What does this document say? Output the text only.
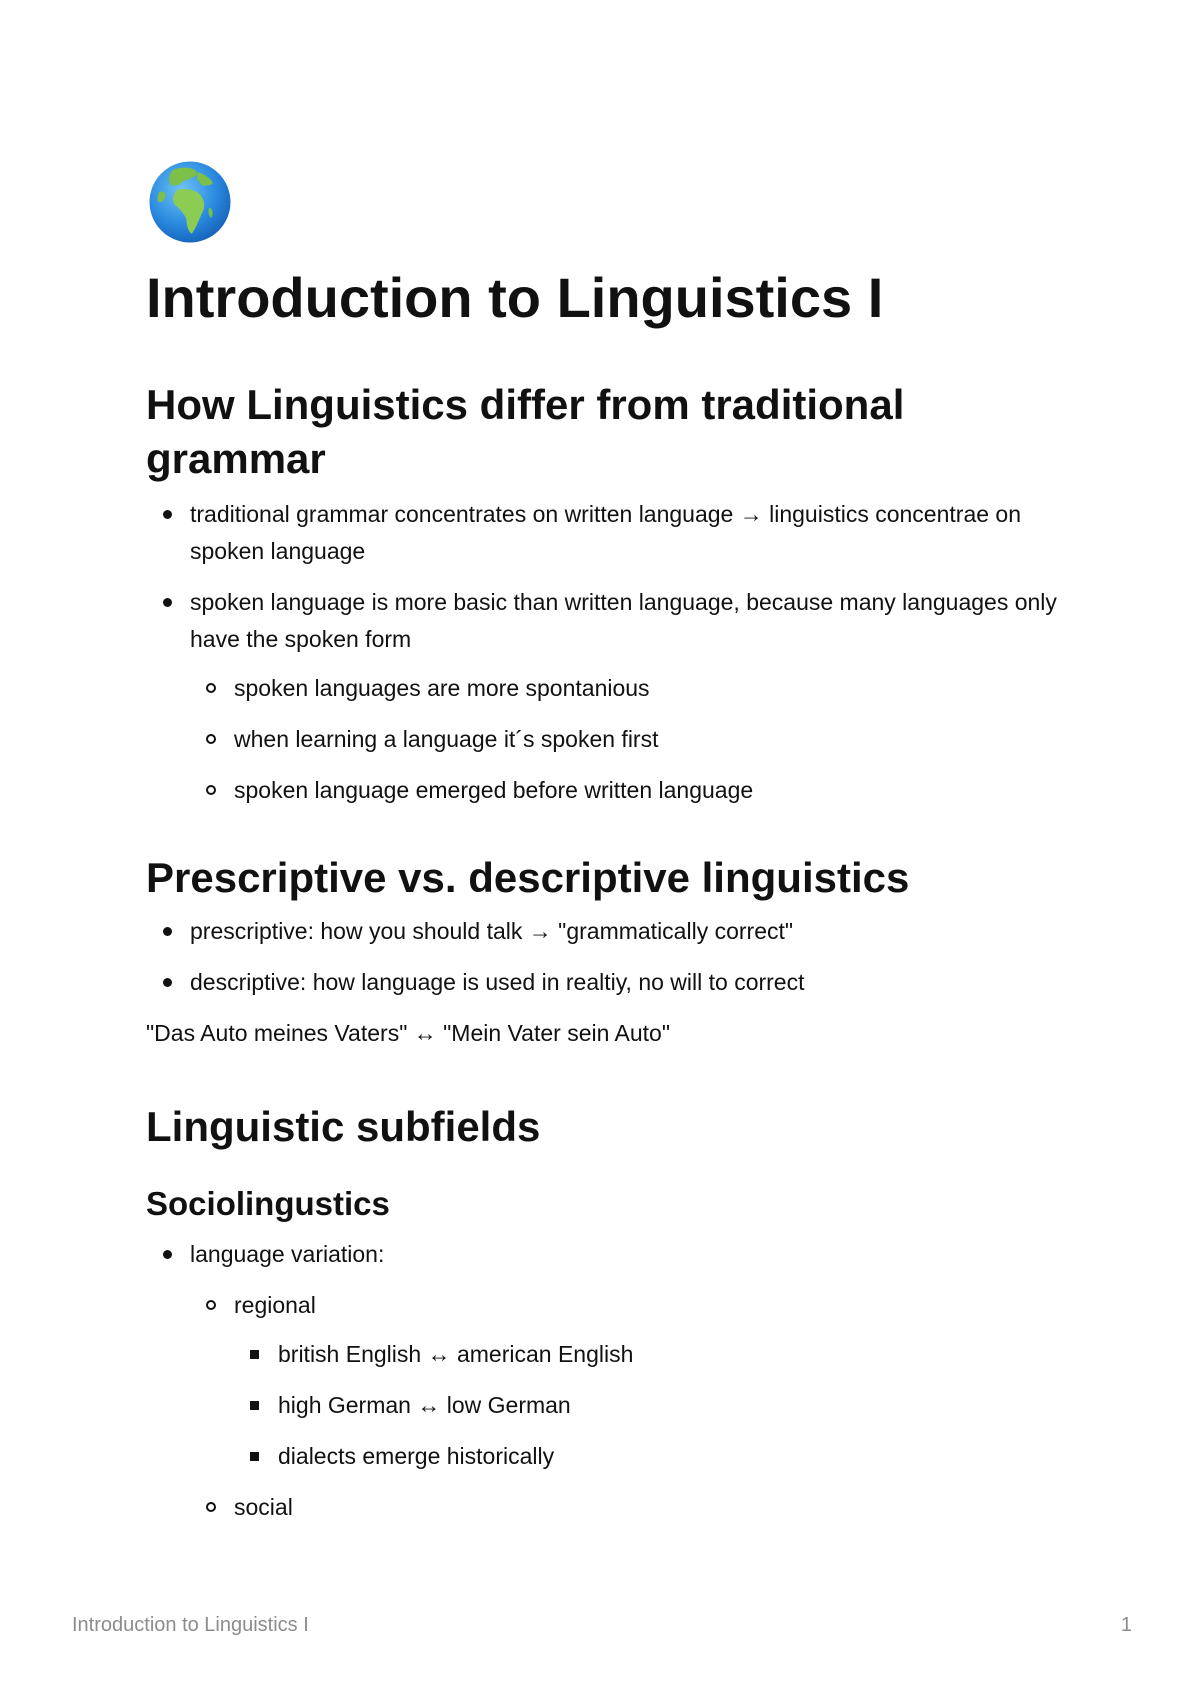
Introduction to Linguistics I
How Linguistics differ from traditional grammar
traditional grammar concentrates on written language → linguistics concentrae on spoken language
spoken language is more basic than written language, because many languages only have the spoken form
spoken languages are more spontanious
when learning a language it´s spoken first
spoken language emerged before written language
Prescriptive vs. descriptive linguistics
prescriptive: how you should talk → "grammatically correct"
descriptive: how language is used in realtiy, no will to correct

"Das Auto meines Vaters" ↔ "Mein Vater sein Auto"

Linguistic subfields
Sociolingustics
language variation:
regional
british English ↔ american English
high German ↔ low German
dialects emerge historically
social
Introduction to Linguistics I	1
